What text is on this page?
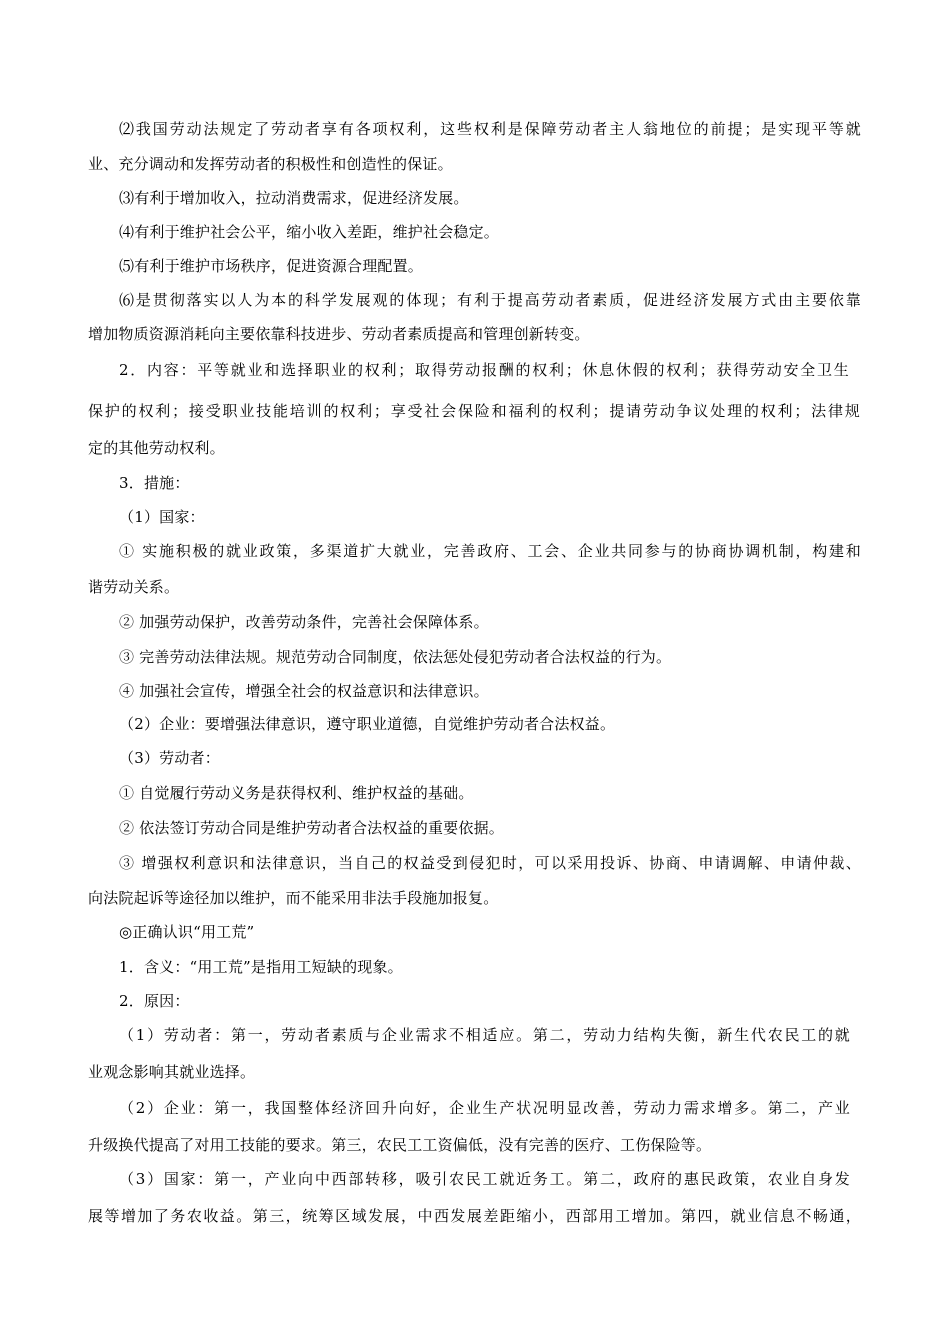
⑵我国劳动法规定了劳动者享有各项权利，这些权利是保障劳动者主人翁地位的前提；是实现平等就
业、充分调动和发挥劳动者的积极性和创造性的保证。
⑶有利于增加收入，拉动消费需求，促进经济发展。
⑷有利于维护社会公平，缩小收入差距，维护社会稳定。
⑸有利于维护市场秩序，促进资源合理配置。
⑹是贯彻落实以人为本的科学发展观的体现；有利于提高劳动者素质，促进经济发展方式由主要依靠
增加物质资源消耗向主要依靠科技进步、劳动者素质提高和管理创新转变。
2．内容：平等就业和选择职业的权利；取得劳动报酬的权利；休息休假的权利；获得劳动安全卫生
保护的权利；接受职业技能培训的权利；享受社会保险和福利的权利；提请劳动争议处理的权利；法律规
定的其他劳动权利。
3．措施：
（1）国家：
① 实施积极的就业政策，多渠道扩大就业，完善政府、工会、企业共同参与的协商协调机制，构建和
谐劳动关系。
② 加强劳动保护，改善劳动条件，完善社会保障体系。
③ 完善劳动法律法规。规范劳动合同制度，依法惩处侵犯劳动者合法权益的行为。
④ 加强社会宣传，增强全社会的权益意识和法律意识。
（2）企业：要增强法律意识，遵守职业道德，自觉维护劳动者合法权益。
（3）劳动者：
① 自觉履行劳动义务是获得权利、维护权益的基础。
② 依法签订劳动合同是维护劳动者合法权益的重要依据。
③ 增强权利意识和法律意识，当自己的权益受到侵犯时，可以采用投诉、协商、申请调解、申请仲裁、
向法院起诉等途径加以维护，而不能采用非法手段施加报复。
◎正确认识“用工荒”
1．含义：“用工荒”是指用工短缺的现象。
2．原因：
（1）劳动者：第一，劳动者素质与企业需求不相适应。第二，劳动力结构失衡，新生代农民工的就
业观念影响其就业选择。
（2）企业：第一，我国整体经济回升向好，企业生产状况明显改善，劳动力需求增多。第二，产业
升级换代提高了对用工技能的要求。第三，农民工工资偏低，没有完善的医疗、工伤保险等。
（3）国家：第一，产业向中西部转移，吸引农民工就近务工。第二，政府的惠民政策，农业自身发
展等增加了务农收益。第三，统筹区域发展，中西发展差距缩小，西部用工增加。第四，就业信息不畅通，
